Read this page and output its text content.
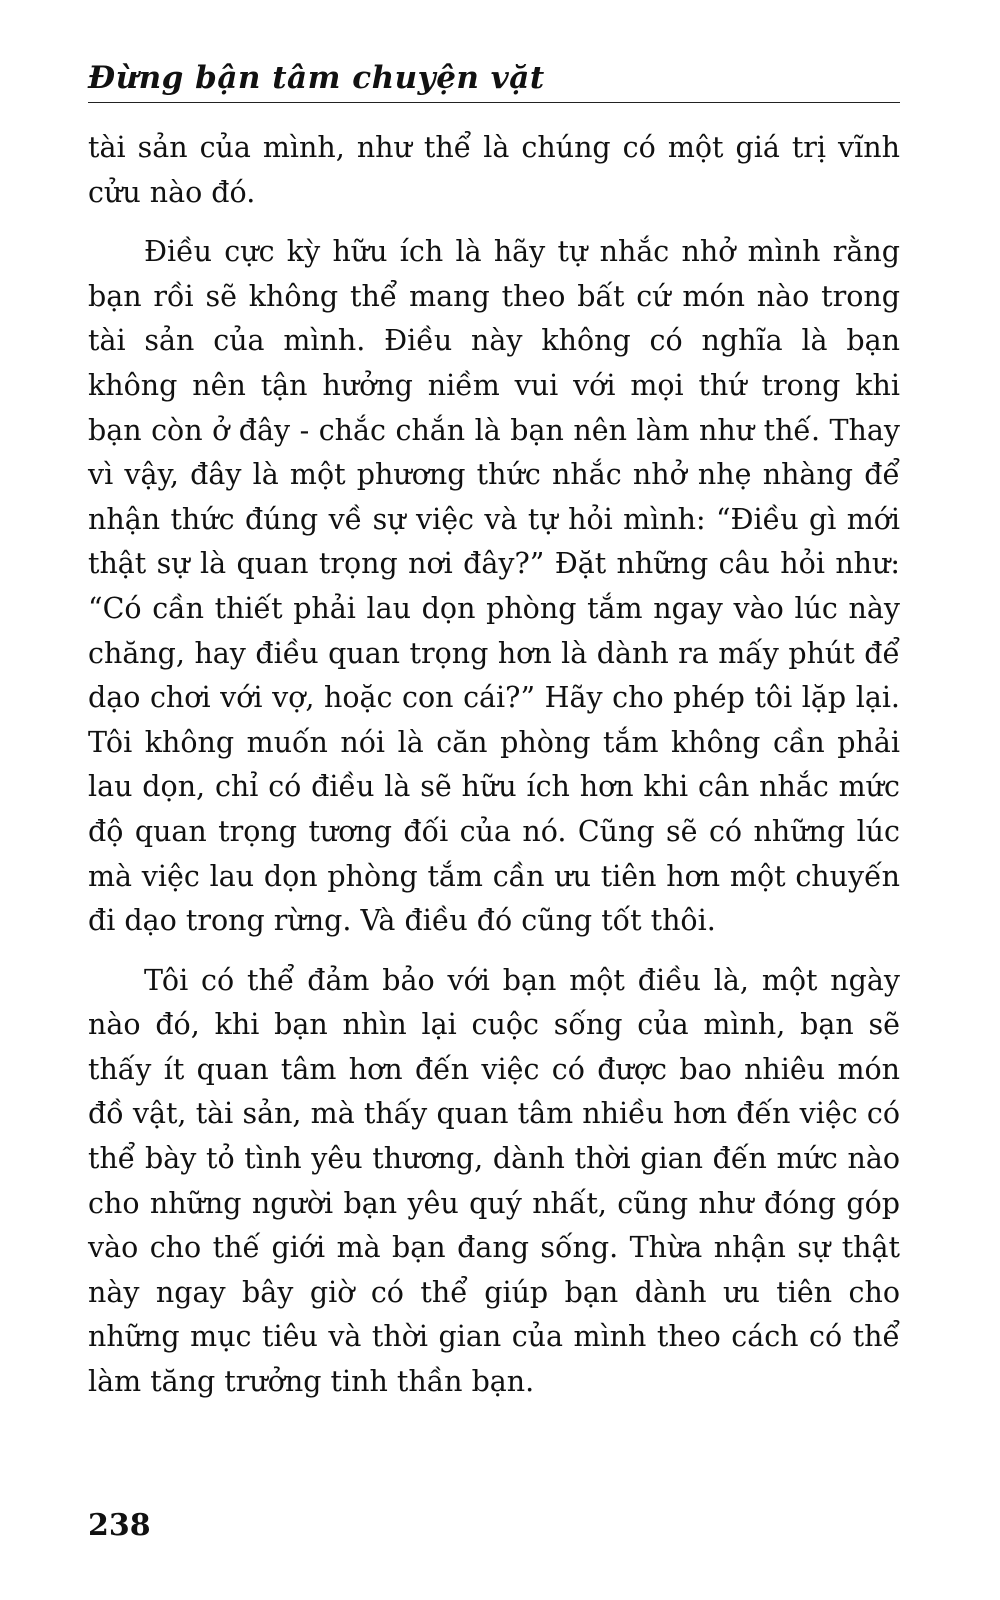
Đừng bận tâm chuyện vặt

tài sản của mình, như thể là chúng có một giá trị vĩnh cửu nào đó.

Điều cực kỳ hữu ích là hãy tự nhắc nhở mình rằng bạn rồi sẽ không thể mang theo bất cứ món nào trong tài sản của mình. Điều này không có nghĩa là bạn không nên tận hưởng niềm vui với mọi thứ trong khi bạn còn ở đây - chắc chắn là bạn nên làm như thế. Thay vì vậy, đây là một phương thức nhắc nhở nhẹ nhàng để nhận thức đúng về sự việc và tự hỏi mình: “Điều gì mới thật sự là quan trọng nơi đây?” Đặt những câu hỏi như: “Có cần thiết phải lau dọn phòng tắm ngay vào lúc này chăng, hay điều quan trọng hơn là dành ra mấy phút để dạo chơi với vợ, hoặc con cái?” Hãy cho phép tôi lặp lại. Tôi không muốn nói là căn phòng tắm không cần phải lau dọn, chỉ có điều là sẽ hữu ích hơn khi cân nhắc mức độ quan trọng tương đối của nó. Cũng sẽ có những lúc mà việc lau dọn phòng tắm cần ưu tiên hơn một chuyến đi dạo trong rừng. Và điều đó cũng tốt thôi.

Tôi có thể đảm bảo với bạn một điều là, một ngày nào đó, khi bạn nhìn lại cuộc sống của mình, bạn sẽ thấy ít quan tâm hơn đến việc có được bao nhiêu món đồ vật, tài sản, mà thấy quan tâm nhiều hơn đến việc có thể bày tỏ tình yêu thương, dành thời gian đến mức nào cho những người bạn yêu quý nhất, cũng như đóng góp vào cho thế giới mà bạn đang sống. Thừa nhận sự thật này ngay bây giờ có thể giúp bạn dành ưu tiên cho những mục tiêu và thời gian của mình theo cách có thể làm tăng trưởng tinh thần bạn.

238
